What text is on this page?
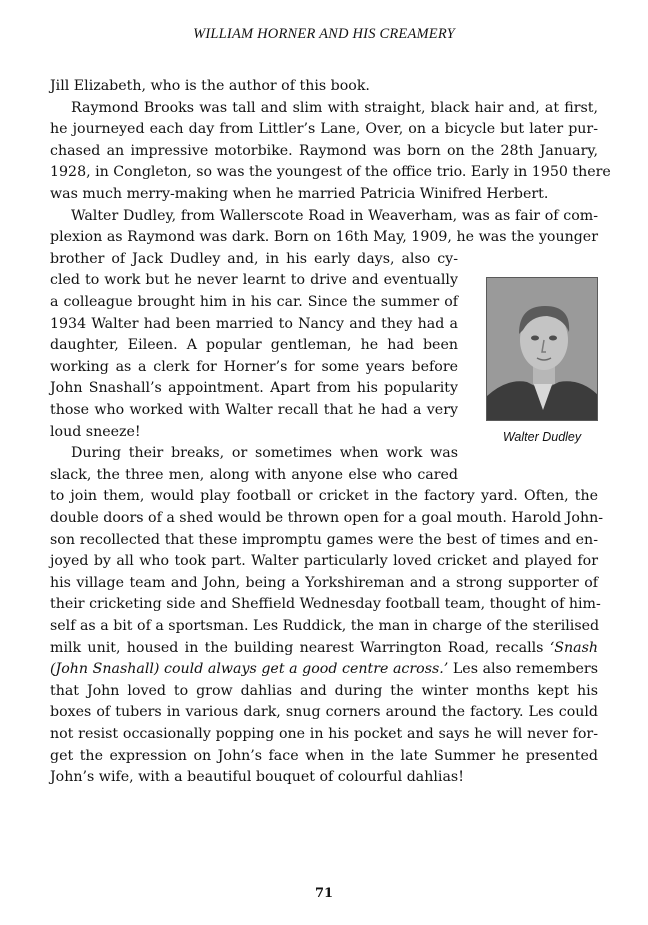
WILLIAM HORNER AND HIS CREAMERY
Jill Elizabeth, who is the author of this book.
Raymond Brooks was tall and slim with straight, black hair and, at first,
he journeyed each day from Littler’s Lane, Over, on a bicycle but later pur-
chased an impressive motorbike. Raymond was born on the 28th January,
1928, in Congleton, so was the youngest of the office trio. Early in 1950 there
was much merry-making when he married Patricia Winifred Herbert.
Walter Dudley, from Wallerscote Road in Weaverham, was as fair of com-
plexion as Raymond was dark. Born on 16th May, 1909, he was the younger
brother of Jack Dudley and, in his early days, also cy-
cled to work but he never learnt to drive and eventually
a colleague brought him in his car. Since the summer of
1934 Walter had been married to Nancy and they had a
daughter, Eileen. A popular gentleman, he had been
working as a clerk for Horner’s for some years before
John Snashall’s appointment. Apart from his popularity
those who worked with Walter recall that he had a very
loud sneeze!
During their breaks, or sometimes when work was
slack, the three men, along with anyone else who cared
to join them, would play football or cricket in the factory yard. Often, the
double doors of a shed would be thrown open for a goal mouth. Harold John-
son recollected that these impromptu games were the best of times and en-
joyed by all who took part. Walter particularly loved cricket and played for
his village team and John, being a Yorkshireman and a strong supporter of
their cricketing side and Sheffield Wednesday football team, thought of him-
self as a bit of a sportsman. Les Ruddick, the man in charge of the sterilised
milk unit, housed in the building nearest Warrington Road, recalls ‘Snash
(John Snashall) could always get a good centre across.’ Les also remembers
that John loved to grow dahlias and during the winter months kept his
boxes of tubers in various dark, snug corners around the factory. Les could
not resist occasionally popping one in his pocket and says he will never for-
get the expression on John’s face when in the late Summer he presented
John’s wife, with a beautiful bouquet of colourful dahlias!
Walter Dudley
71
